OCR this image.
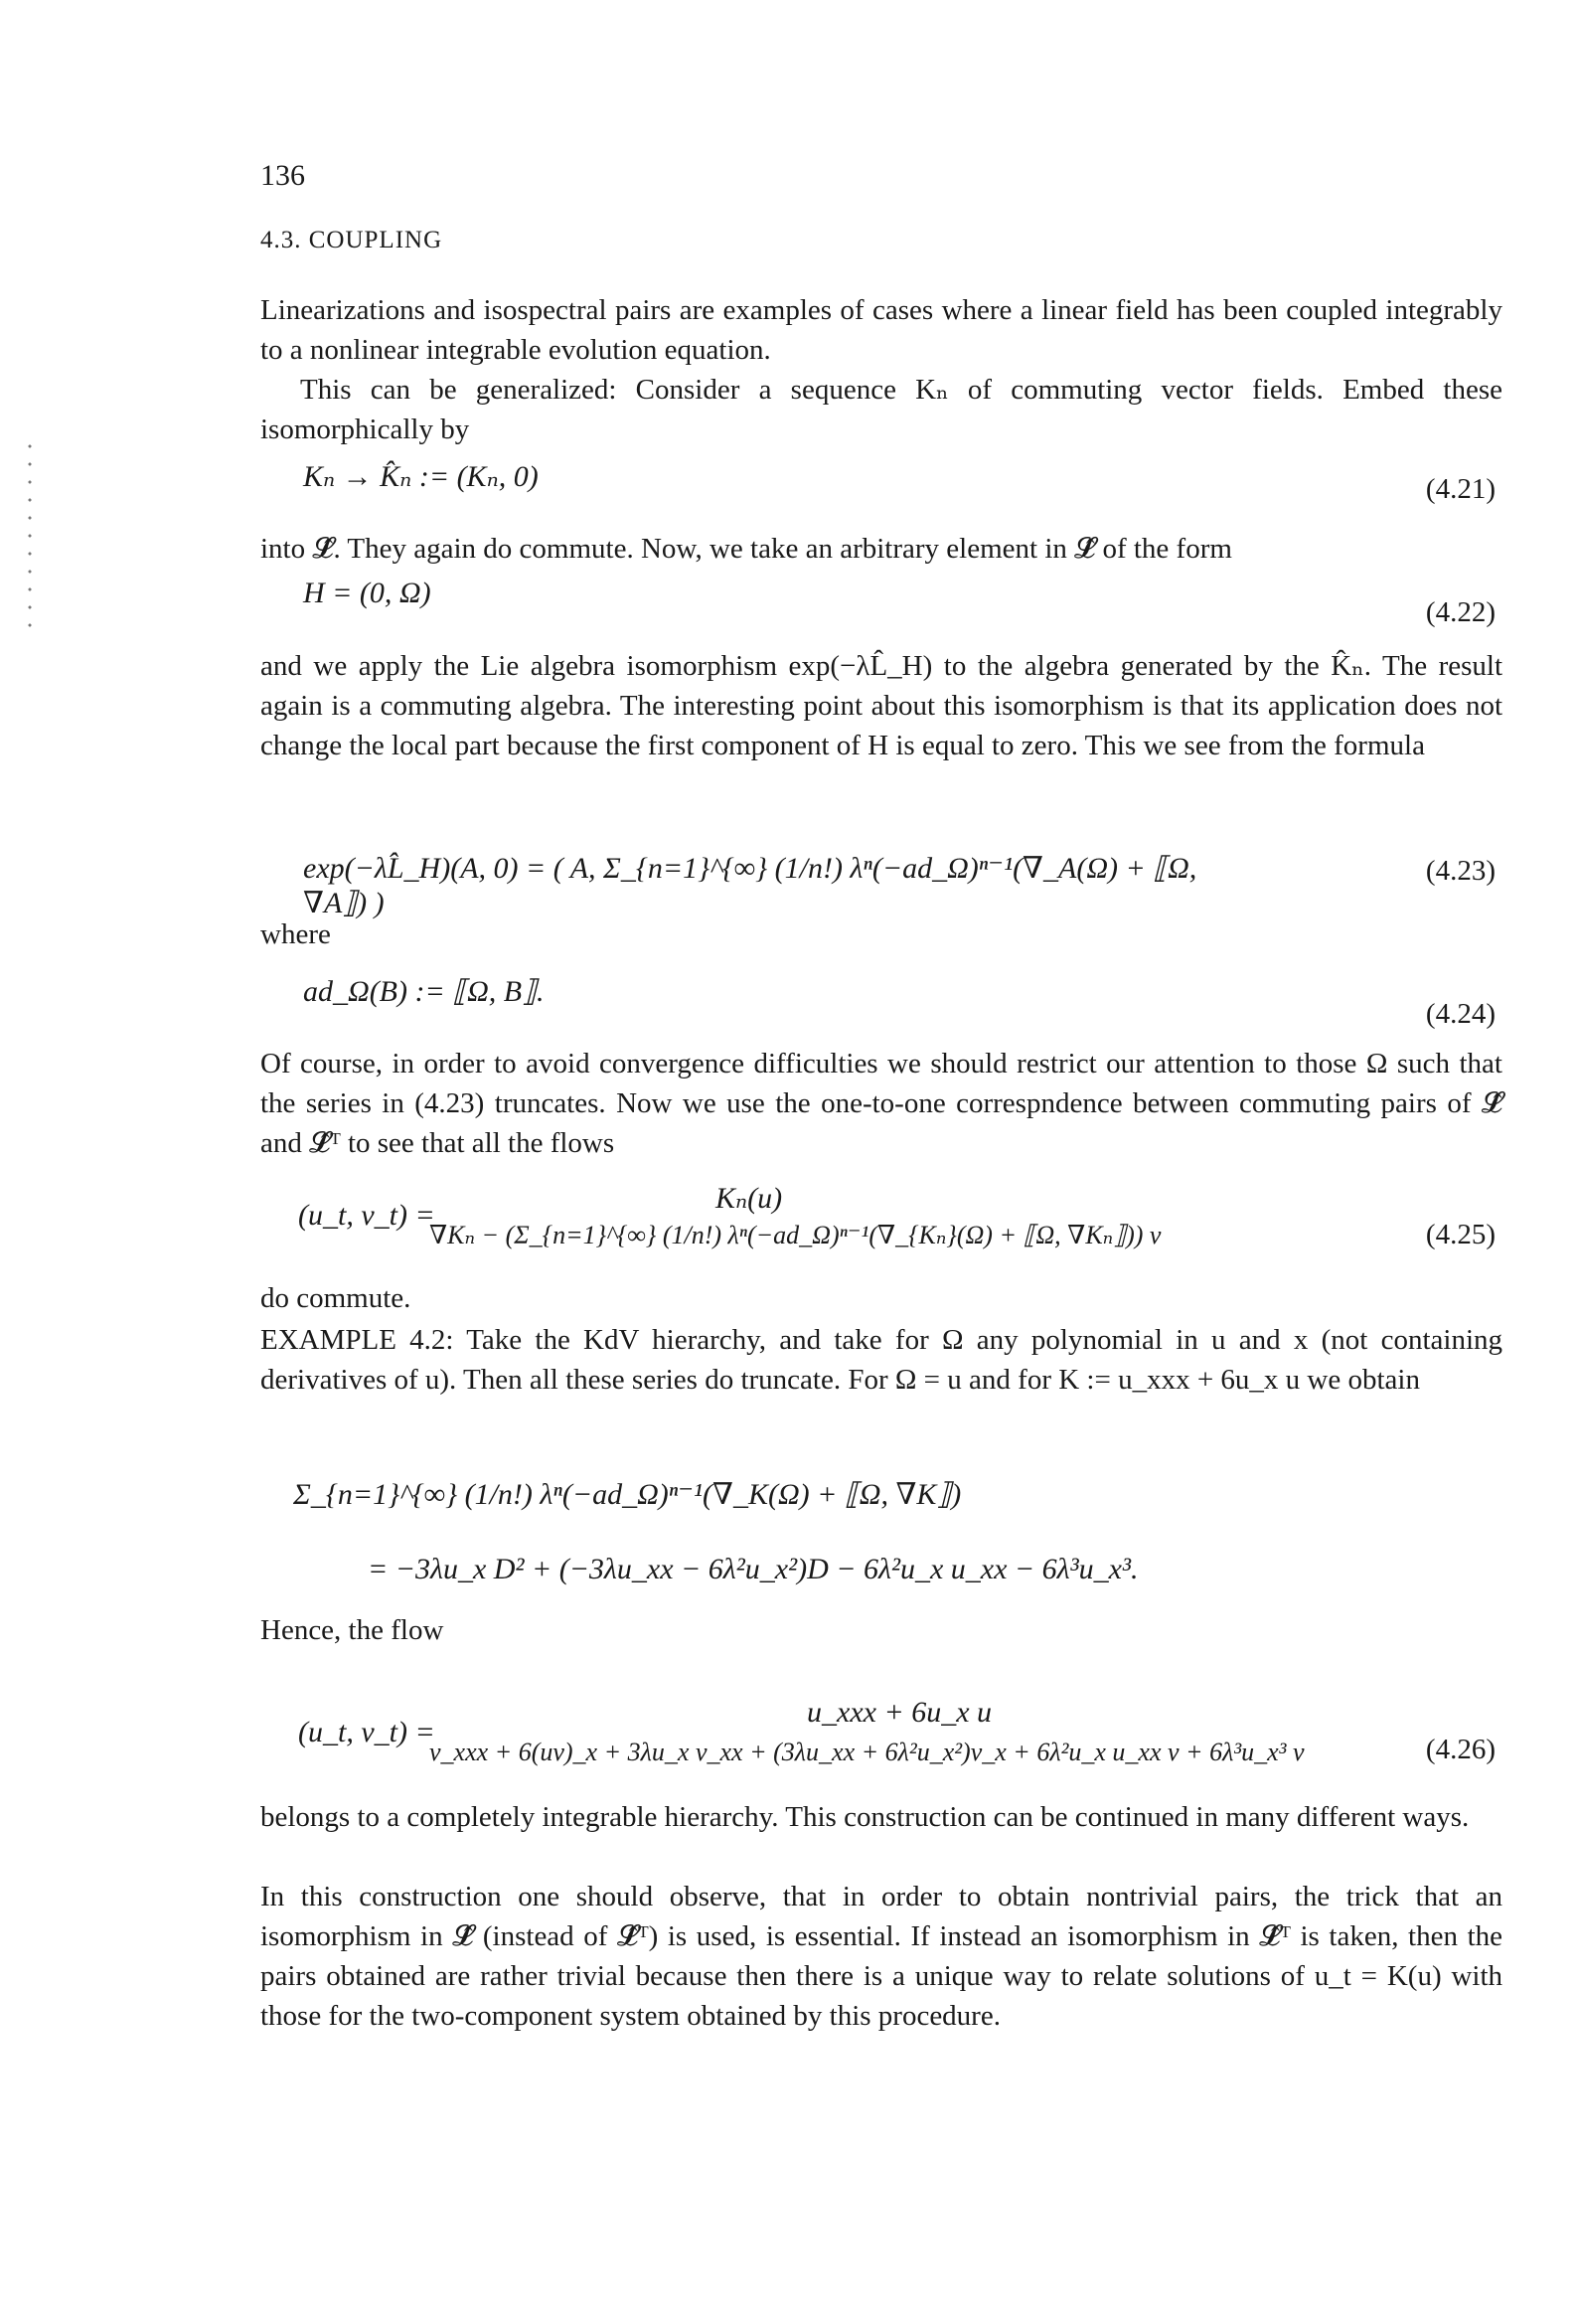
136
4.3. COUPLING
Linearizations and isospectral pairs are examples of cases where a linear field has been coupled integrably to a nonlinear integrable evolution equation.
This can be generalized: Consider a sequence Kₙ of commuting vector fields. Embed these isomorphically by
Kₙ → K̂ₙ := (Kₙ, 0)	(4.21)
into 𝓛̂. They again do commute. Now, we take an arbitrary element in 𝓛̂ of the form
H = (0, Ω)
(4.22)
and we apply the Lie algebra isomorphism exp(−λL̂_H) to the algebra generated by the K̂ₙ. The result again is a commuting algebra. The interesting point about this isomorphism is that its application does not change the local part because the first component of H is equal to zero. This we see from the formula
exp(−λL̂_H)(A, 0) = ( A, Σ_{n=1}^{∞} (1/n!) λⁿ(−ad_Ω)ⁿ⁻¹(∇_A(Ω) + ⟦Ω, ∇A⟧) )
(4.23)
where
ad_Ω(B) := ⟦Ω, B⟧.
(4.24)
Of course, in order to avoid convergence difficulties we should restrict our attention to those Ω such that the series in (4.23) truncates. Now we use the one-to-one correspndence between commuting pairs of 𝓛̂ and 𝓛̂ᵀ to see that all the flows
(u_t, v_t) =
Kₙ(u)
∇Kₙ − (Σ_{n=1}^{∞} (1/n!) λⁿ(−ad_Ω)ⁿ⁻¹(∇_{Kₙ}(Ω) + ⟦Ω, ∇Kₙ⟧)) v	(4.25)
do commute.
EXAMPLE 4.2: Take the KdV hierarchy, and take for Ω any polynomial in u and x (not containing derivatives of u). Then all these series do truncate. For Ω = u and for K := u_xxx + 6u_x u we obtain
Σ_{n=1}^{∞} (1/n!) λⁿ(−ad_Ω)ⁿ⁻¹(∇_K(Ω) + ⟦Ω, ∇K⟧)
= −3λu_x D² + (−3λu_xx − 6λ²u_x²)D − 6λ²u_x u_xx − 6λ³u_x³.
Hence, the flow
(u_t, v_t) =
u_xxx + 6u_x u
v_xxx + 6(uv)_x + 3λu_x v_xx + (3λu_xx + 6λ²u_x²)v_x + 6λ²u_x u_xx v + 6λ³u_x³ v	(4.26)
belongs to a completely integrable hierarchy. This construction can be continued in many different ways.
In this construction one should observe, that in order to obtain nontrivial pairs, the trick that an isomorphism in 𝓛̂ (instead of 𝓛̂ᵀ) is used, is essential. If instead an isomorphism in 𝓛̂ᵀ is taken, then the pairs obtained are rather trivial because then there is a unique way to relate solutions of u_t = K(u) with those for the two-component system obtained by this procedure.
